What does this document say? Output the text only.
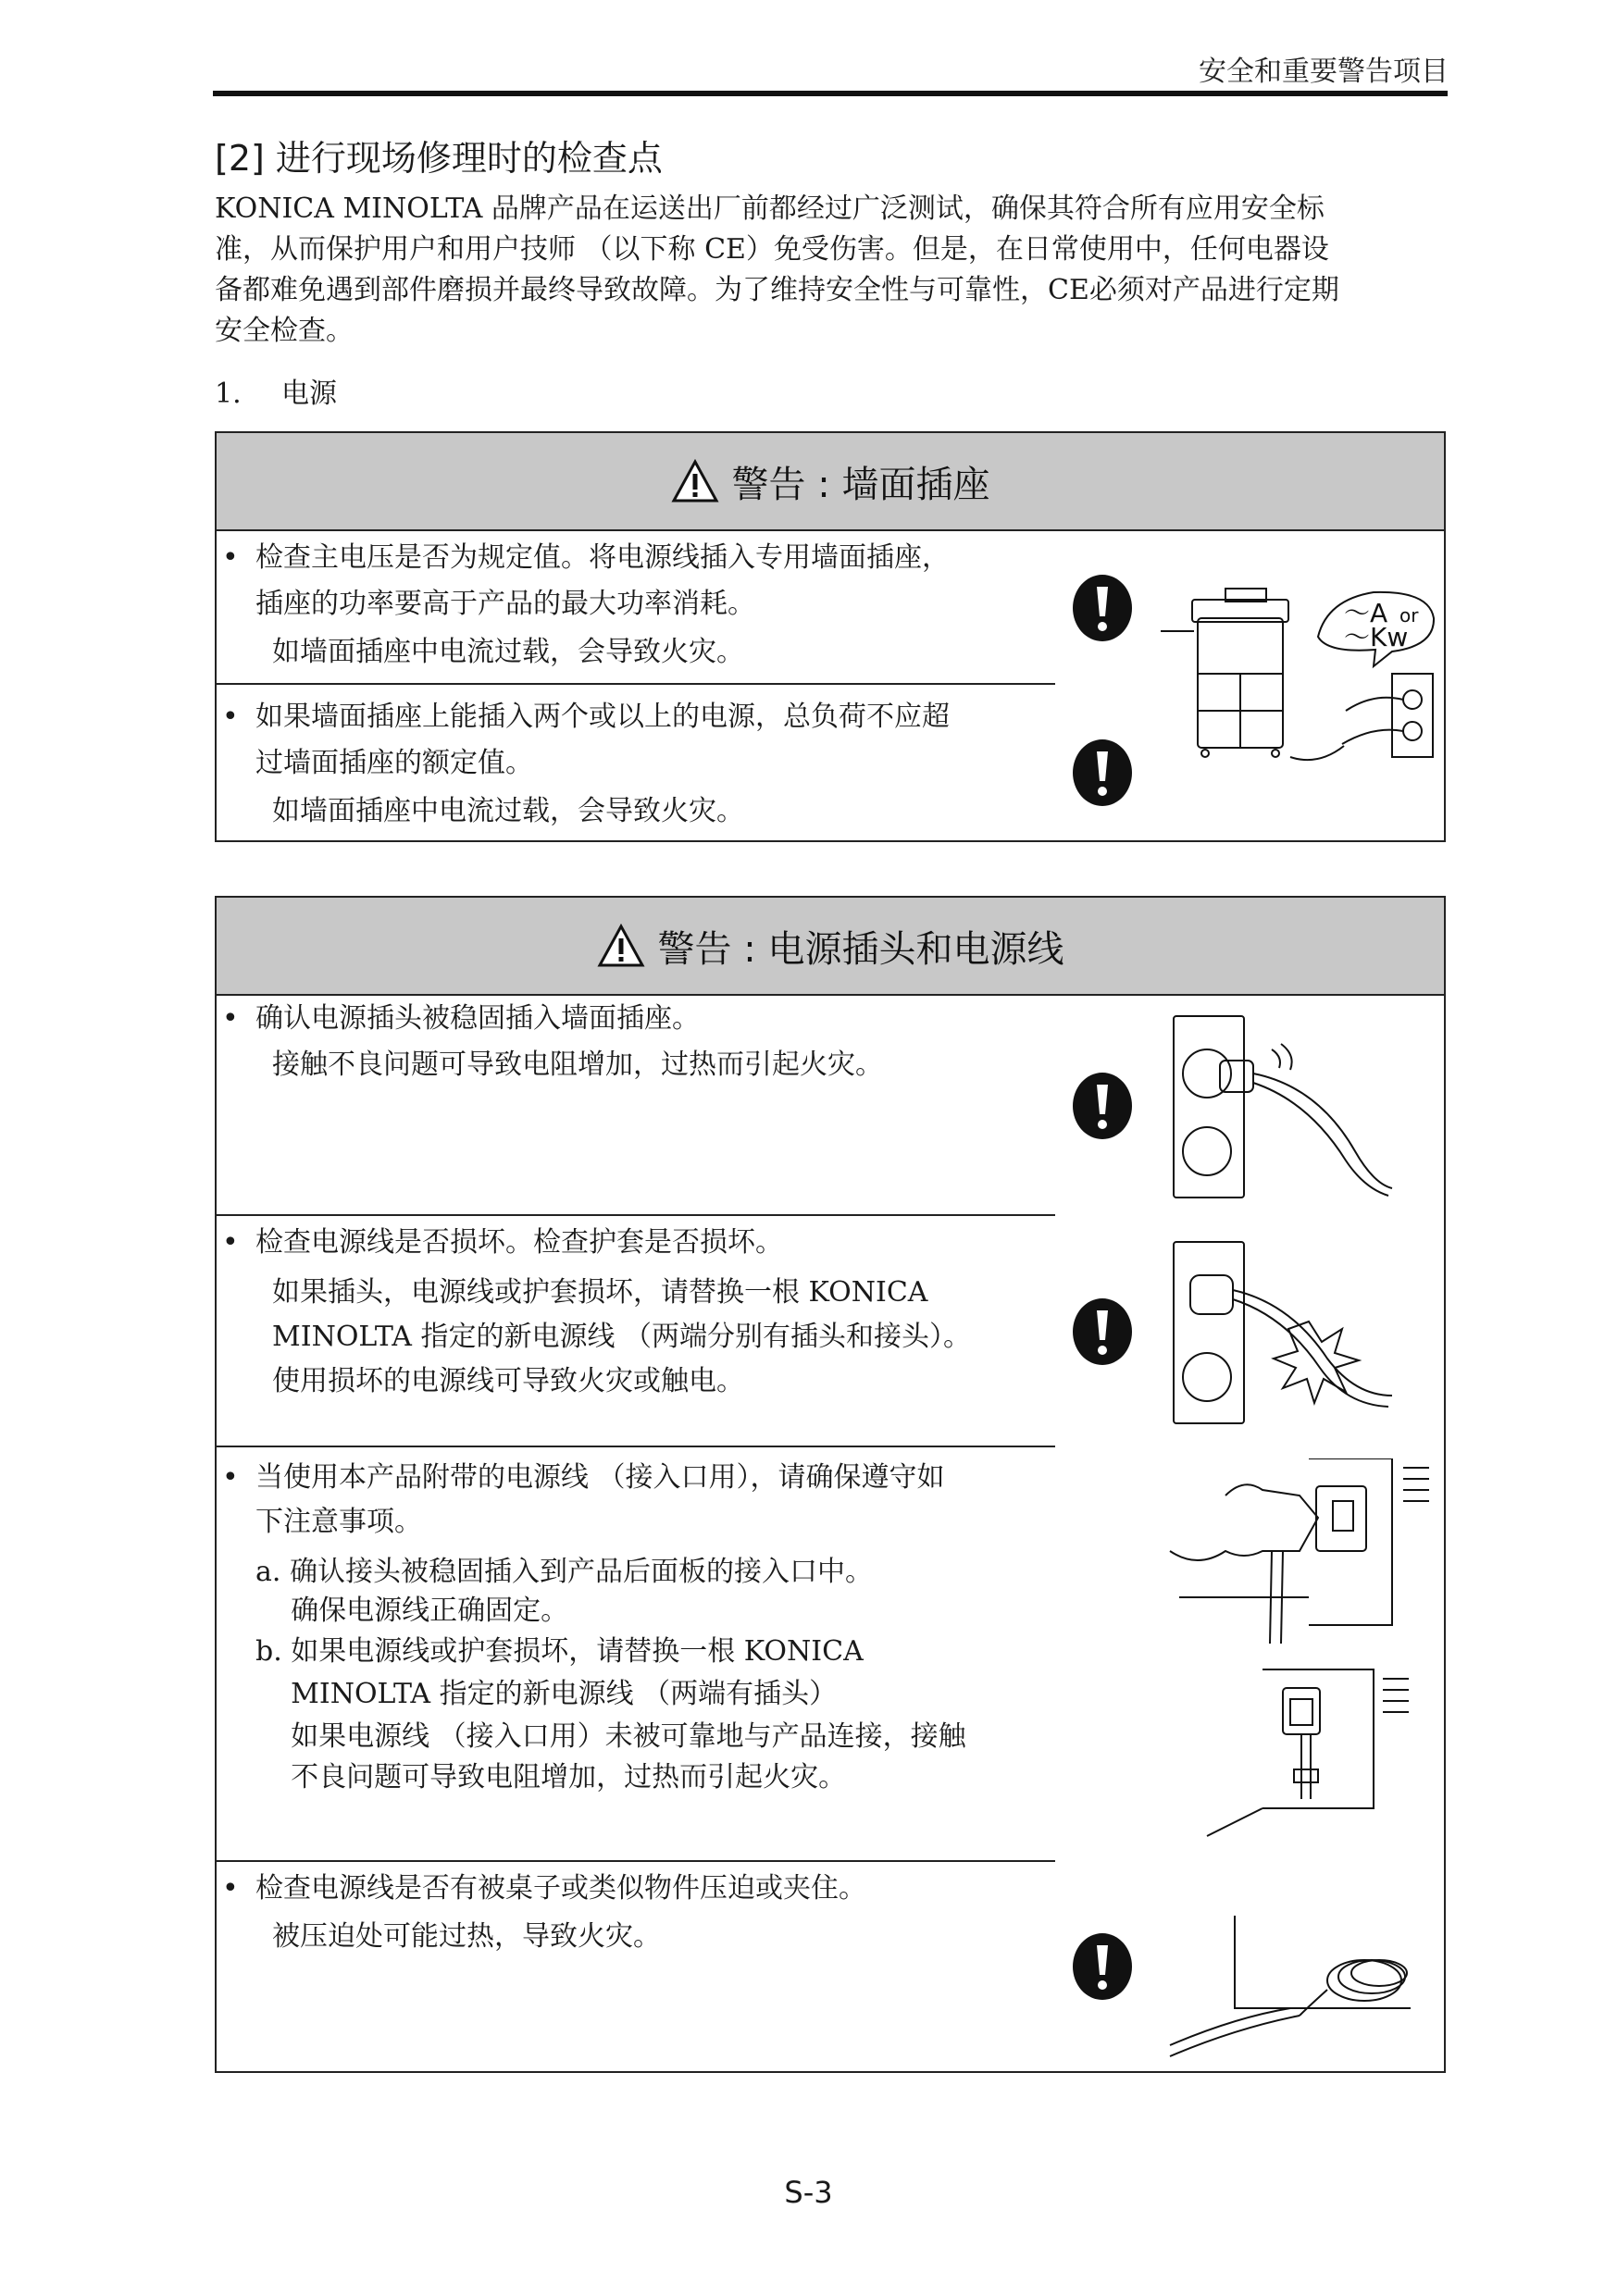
安全和重要警告项目
[2] 进行现场修理时的检查点
KONICA MINOLTA 品牌产品在运送出厂前都经过广泛测试，确保其符合所有应用安全标
准，从而保护用户和用户技师 （以下称 CE）免受伤害。但是，在日常使用中，任何电器设
备都难免遇到部件磨损并最终导致故障。为了维持安全性与可靠性，CE必须对产品进行定期
安全检查。
1. 电源
警告 : 墙面插座
• 检查主电压是否为规定值。将电源线插入专用墙面插座，
插座的功率要高于产品的最大功率消耗。
如墙面插座中电流过载，会导致火灾。
• 如果墙面插座上能插入两个或以上的电源，总负荷不应超
过墙面插座的额定值。
如墙面插座中电流过载，会导致火灾。
～A or
～Kw
警告 : 电源插头和电源线
• 确认电源插头被稳固插入墙面插座。
接触不良问题可导致电阻增加，过热而引起火灾。
• 检查电源线是否损坏。检查护套是否损坏。
如果插头，电源线或护套损坏，请替换一根 KONICA
MINOLTA 指定的新电源线 （两端分别有插头和接头）。
使用损坏的电源线可导致火灾或触电。
• 当使用本产品附带的电源线 （接入口用），请确保遵守如
下注意事项。
a. 确认接头被稳固插入到产品后面板的接入口中。
确保电源线正确固定。
b. 如果电源线或护套损坏，请替换一根 KONICA
MINOLTA 指定的新电源线 （两端有插头）
如果电源线 （接入口用）未被可靠地与产品连接，接触
不良问题可导致电阻增加，过热而引起火灾。
• 检查电源线是否有被桌子或类似物件压迫或夹住。
被压迫处可能过热，导致火灾。
S-3
